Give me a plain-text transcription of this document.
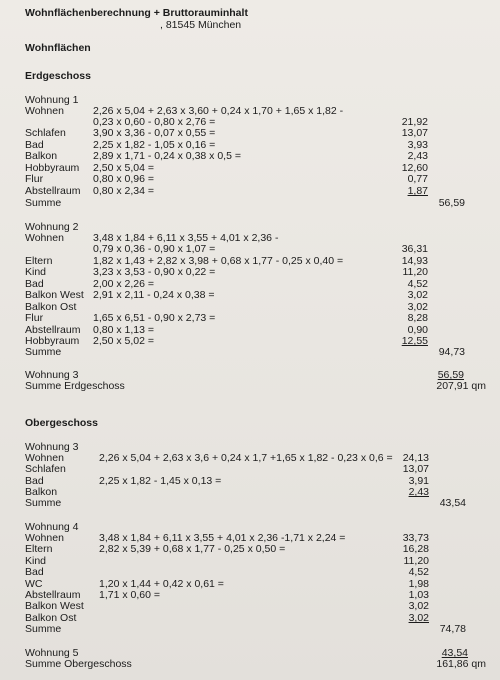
Wohnflächenberechnung + Bruttorauminhalt
, 81545 München
Wohnflächen
Erdgeschoss
Wohnung 1
Wohnen	2,26 x 5,04 + 2,63 x 3,60 + 0,24 x 1,70 + 1,65 x 1,82 -
0,23 x 0,60 - 0,80 x 2,76 =	21,92
Schlafen	3,90 x 3,36 - 0,07 x 0,55 =	13,07
Bad	2,25 x 1,82 - 1,05 x 0,16 =	3,93
Balkon	2,89 x 1,71 - 0,24 x 0,38 x 0,5 =	2,43
Hobbyraum 2,50 x 5,04 =	12,60
Flur	0,80 x 0,96 =	0,77
Abstellraum 0,80 x 2,34 =	1,87
Summe	56,59
Wohnung 2
Wohnen	3,48 x 1,84 + 6,11 x 3,55 + 4,01 x 2,36 -
0,79 x 0,36 - 0,90 x 1,07 =	36,31
Eltern	1,82 x 1,43 + 2,82 x 3,98 + 0,68 x 1,77 - 0,25 x 0,40 =	14,93
Kind	3,23 x 3,53 - 0,90 x 0,22 =	11,20
Bad	2,00 x 2,26 =	4,52
Balkon West 2,91 x 2,11 - 0,24 x 0,38 =	3,02
Balkon Ost	3,02
Flur	1,65 x 6,51 - 0,90 x 2,73 =	8,28
Abstellraum 0,80 x 1,13 =	0,90
Hobbyraum 2,50 x 5,02 =	12,55
Summe	94,73
Wohnung 3	56,59
Summe Erdgeschoss	207,91 qm
Obergeschoss
Wohnung 3
Wohnen	2,26 x 5,04 + 2,63 x 3,6 + 0,24 x 1,7 +1,65 x 1,82 - 0,23 x 0,6 = 24,13
Schlafen	13,07
Bad	2,25 x 1,82 - 1,45 x 0,13 =	3,91
Balkon	2,43
Summe	43,54
Wohnung 4
Wohnen	3,48 x 1,84 + 6,11 x 3,55 + 4,01 x 2,36 -1,71 x 2,24 =	33,73
Eltern	2,82 x 5,39 + 0,68 x 1,77 - 0,25 x 0,50 =	16,28
Kind	11,20
Bad	4,52
WC	1,20 x 1,44 + 0,42 x 0,61 =	1,98
Abstellraum 1,71 x 0,60 =	1,03
Balkon West	3,02
Balkon Ost	3,02
Summe	74,78
Wohnung 5	43,54
Summe Obergeschoss	161,86 qm
